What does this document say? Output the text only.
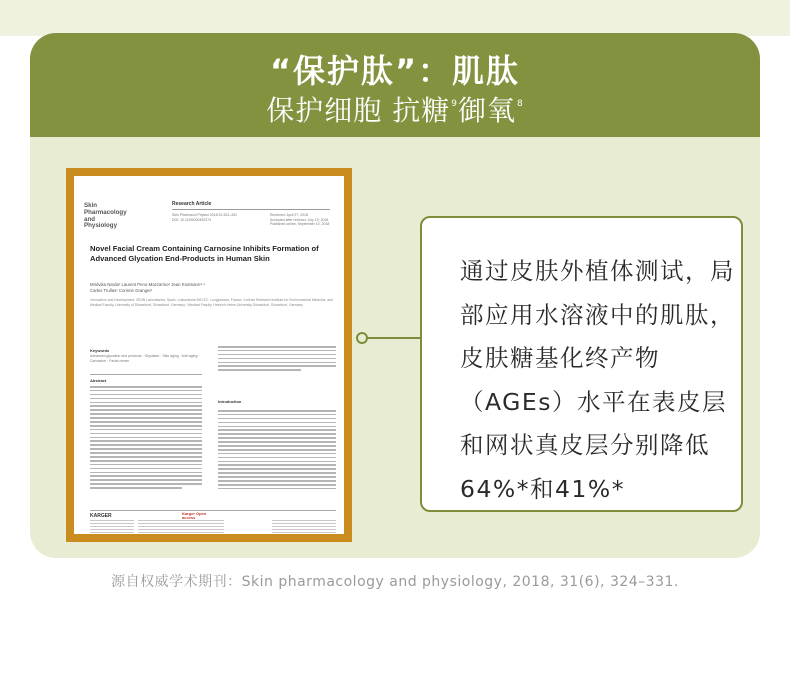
“保护肽”：肌肽
保护细胞 抗糖$^9$御氧$^8$
Skin
Pharmacology
and
Physiology
Research Article
Skin Pharmacol Physiol 2018;31:324–331
DOI: 10.1159/000492274
Received: April 27, 2018
Accepted after revision: July 19, 2018
Published online: September 10, 2018
Novel Facial Cream Containing Carnosine Inhibits Formation of Advanced Glycation End-Products in Human Skin
Mridvika Narda¹ Laurent Peno-Mazzarino² Jean Krutmann³·⁴
Carles Trullas¹ Corinne Granger¹
¹Innovation and Development, ISDIN Laboratories, Spain; ²Laboratoire BIO-EC, Longjumeau, France; ³Leibniz Research Institute for Environmental Medicine, and Medical Faculty, University of Düsseldorf, Düsseldorf, Germany; ⁴Medical Faculty, Heinrich-Heine-University Düsseldorf, Düsseldorf, Germany
Keywords
Advanced glycation end products · Glycation · Skin aging · Anti-aging · Carnosine · Facial cream
Abstract
Introduction
KARGER	Karger Open access
通过皮肤外植体测试，局部应用水溶液中的肌肽，皮肤糖基化终产物（AGEs）水平在表皮层和网状真皮层分别降低64%*和41%*
源自权威学术期刊：Skin pharmacology and physiology, 2018, 31(6), 324–331.
